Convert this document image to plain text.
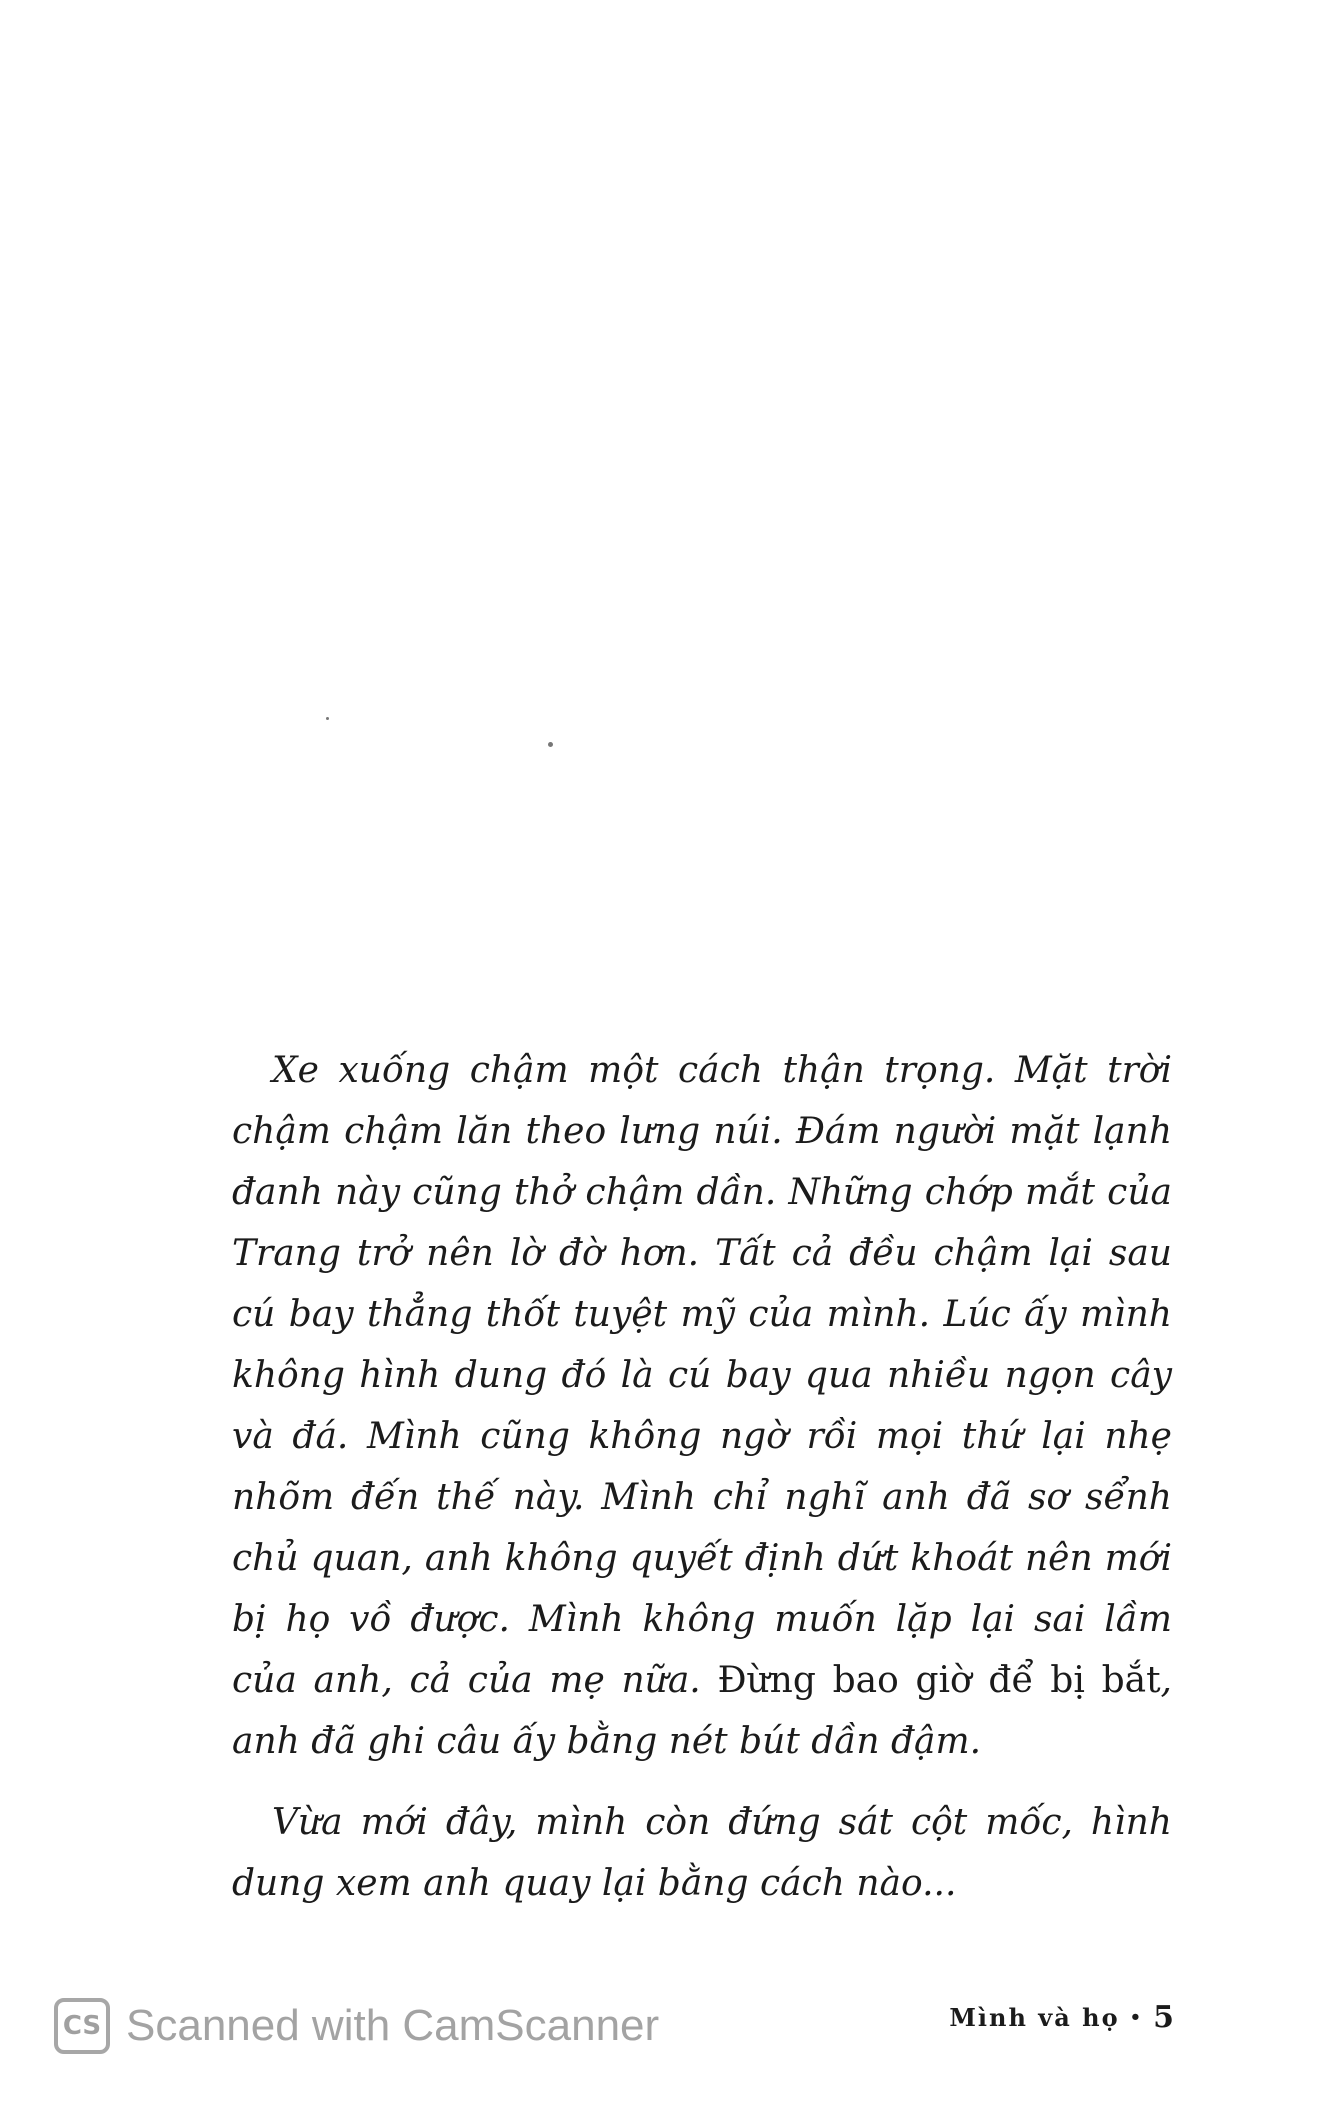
Xe xuống chậm một cách thận trọng. Mặt trời chậm chậm lăn theo lưng núi. Đám người mặt lạnh đanh này cũng thở chậm dần. Những chớp mắt của Trang trở nên lờ đờ hơn. Tất cả đều chậm lại sau cú bay thẳng thốt tuyệt mỹ của mình. Lúc ấy mình không hình dung đó là cú bay qua nhiều ngọn cây và đá. Mình cũng không ngờ rồi mọi thứ lại nhẹ nhõm đến thế này. Mình chỉ nghĩ anh đã sơ sểnh chủ quan, anh không quyết định dứt khoát nên mới bị họ vồ được. Mình không muốn lặp lại sai lầm của anh, cả của mẹ nữa. Đừng bao giờ để bị bắt, anh đã ghi câu ấy bằng nét bút dần đậm.

Vừa mới đây, mình còn đứng sát cột mốc, hình dung xem anh quay lại bằng cách nào...

Mình và họ • 5
CS Scanned with CamScanner
